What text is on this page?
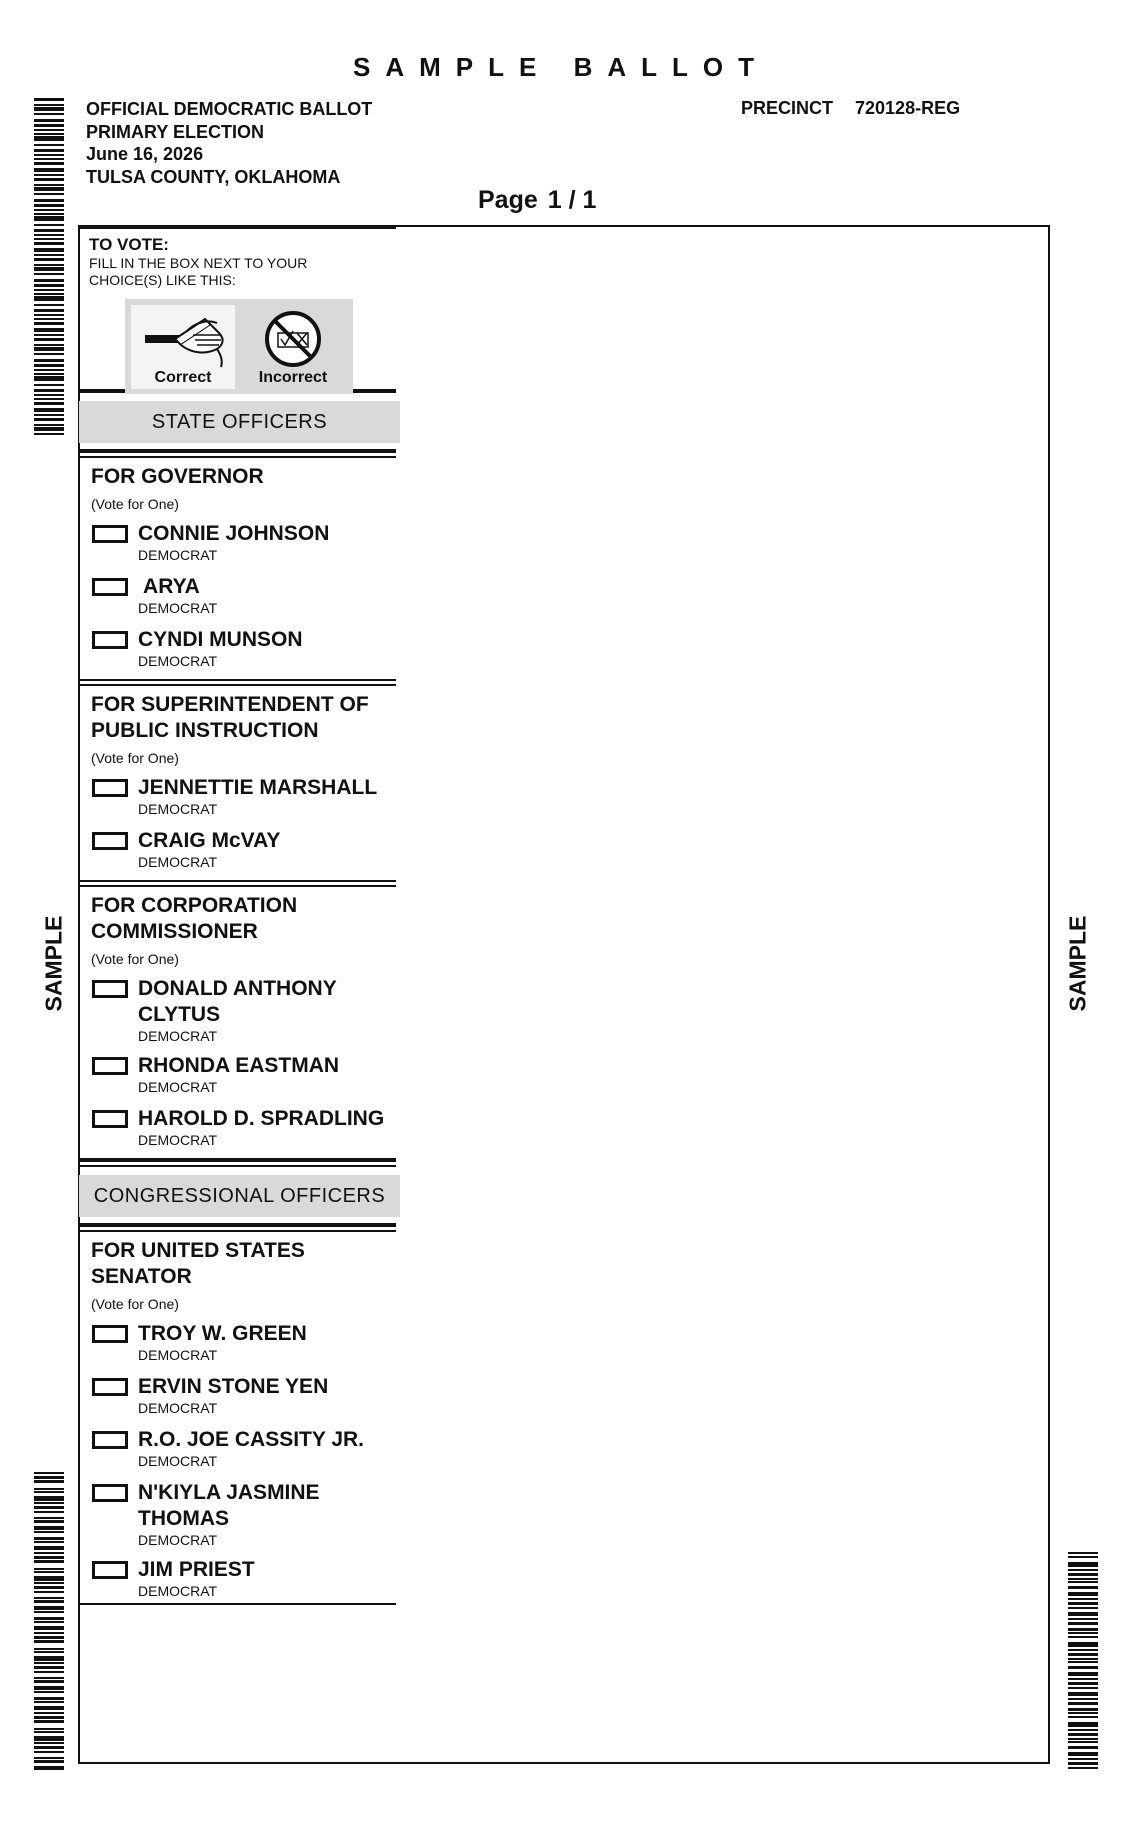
SAMPLE BALLOT
OFFICIAL DEMOCRATIC BALLOT
PRIMARY ELECTION
June 16, 2026
TULSA COUNTY, OKLAHOMA
PRECINCT 720128-REG
Page 1 / 1
TO VOTE:
FILL IN THE BOX NEXT TO YOUR
CHOICE(S) LIKE THIS:
Correct	Incorrect
STATE OFFICERS
FOR GOVERNOR
(Vote for One)
CONNIE JOHNSON
DEMOCRAT
ARYA
DEMOCRAT
CYNDI MUNSON
DEMOCRAT
FOR SUPERINTENDENT OF
PUBLIC INSTRUCTION
(Vote for One)
JENNETTIE MARSHALL
DEMOCRAT
CRAIG McVAY
DEMOCRAT
FOR CORPORATION
COMMISSIONER
(Vote for One)
DONALD ANTHONY
CLYTUS
DEMOCRAT
RHONDA EASTMAN
DEMOCRAT
HAROLD D. SPRADLING
DEMOCRAT
CONGRESSIONAL OFFICERS
FOR UNITED STATES
SENATOR
(Vote for One)
TROY W. GREEN
DEMOCRAT
ERVIN STONE YEN
DEMOCRAT
R.O. JOE CASSITY JR.
DEMOCRAT
N'KIYLA JASMINE
THOMAS
DEMOCRAT
JIM PRIEST
DEMOCRAT
SAMPLE	SAMPLE
